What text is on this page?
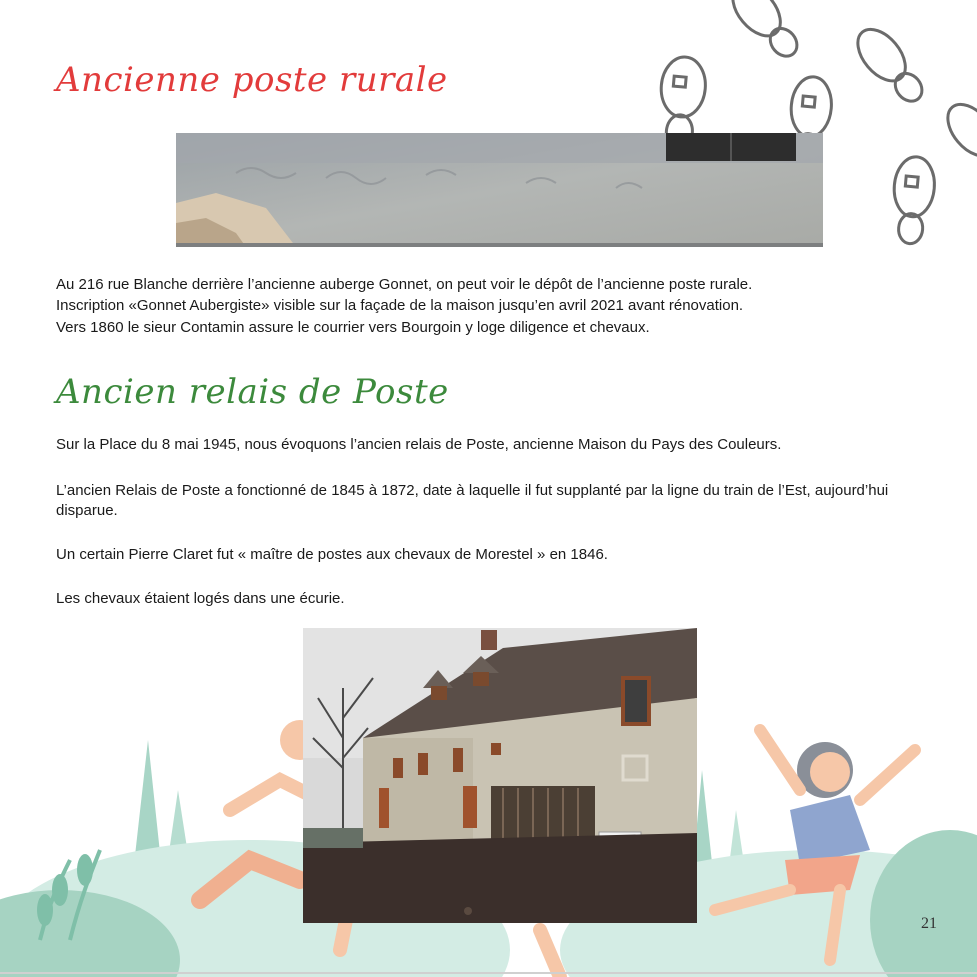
Ancienne poste rurale

Au 216 rue Blanche derrière l’ancienne auberge Gonnet, on peut voir le dépôt de l’ancienne poste rurale.

Inscription «Gonnet Aubergiste» visible sur la façade de la maison jusqu’en avril 2021 avant rénovation.

Vers 1860 le sieur Contamin assure le courrier vers Bourgoin y loge diligence et chevaux.

Ancien relais de Poste

Sur la Place du 8 mai 1945, nous évoquons l’ancien relais de Poste, ancienne Maison du Pays des Couleurs.

L’ancien Relais de Poste a fonctionné de 1845 à 1872, date à laquelle il fut supplanté par la ligne du train de l’Est, aujourd’hui disparue.

Un certain Pierre Claret fut « maître de postes aux chevaux de Morestel » en 1846.

Les chevaux étaient logés dans une écurie.

21
